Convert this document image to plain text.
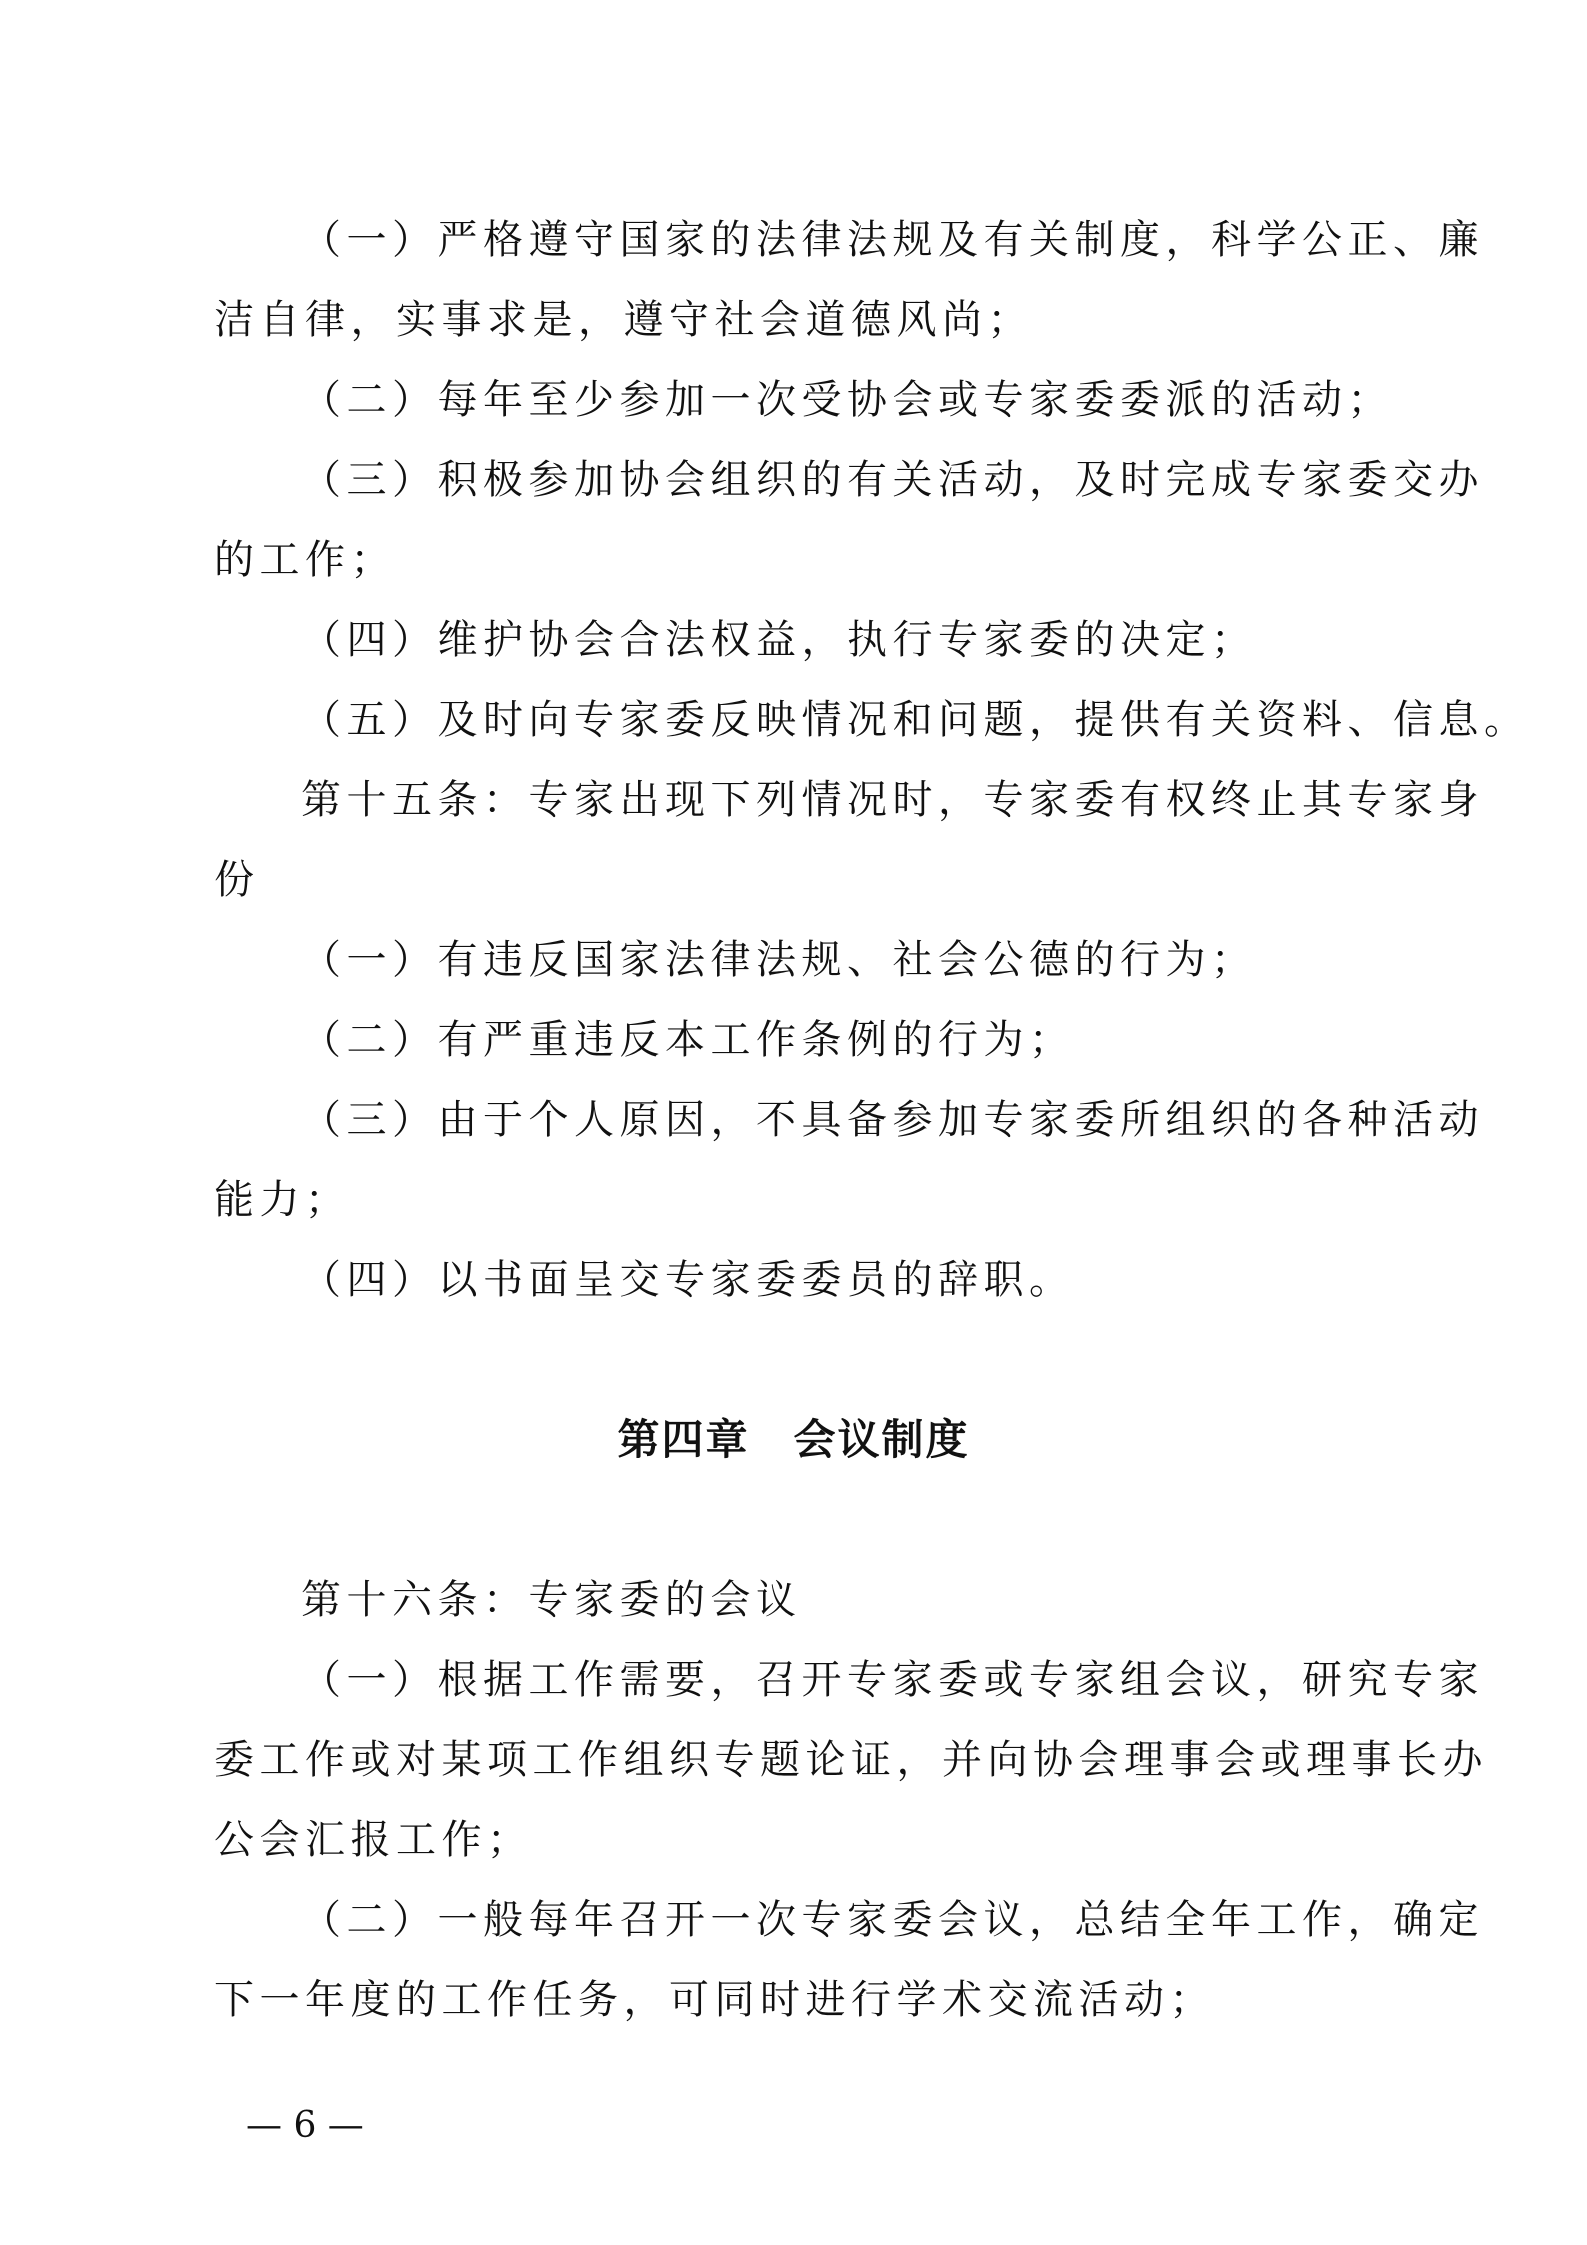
（一）严格遵守国家的法律法规及有关制度，科学公正、廉

洁自律，实事求是，遵守社会道德风尚；

（二）每年至少参加一次受协会或专家委委派的活动；

（三）积极参加协会组织的有关活动，及时完成专家委交办

的工作；

（四）维护协会合法权益，执行专家委的决定；

（五）及时向专家委反映情况和问题，提供有关资料、信息。

第十五条：专家出现下列情况时，专家委有权终止其专家身

份

（一）有违反国家法律法规、社会公德的行为；

（二）有严重违反本工作条例的行为；

（三）由于个人原因，不具备参加专家委所组织的各种活动

能力；

（四）以书面呈交专家委委员的辞职。

第四章　会议制度

第十六条：专家委的会议

（一）根据工作需要，召开专家委或专家组会议，研究专家

委工作或对某项工作组织专题论证，并向协会理事会或理事长办

公会汇报工作；

（二）一般每年召开一次专家委会议，总结全年工作，确定

下一年度的工作任务，可同时进行学术交流活动；

— 6 —
